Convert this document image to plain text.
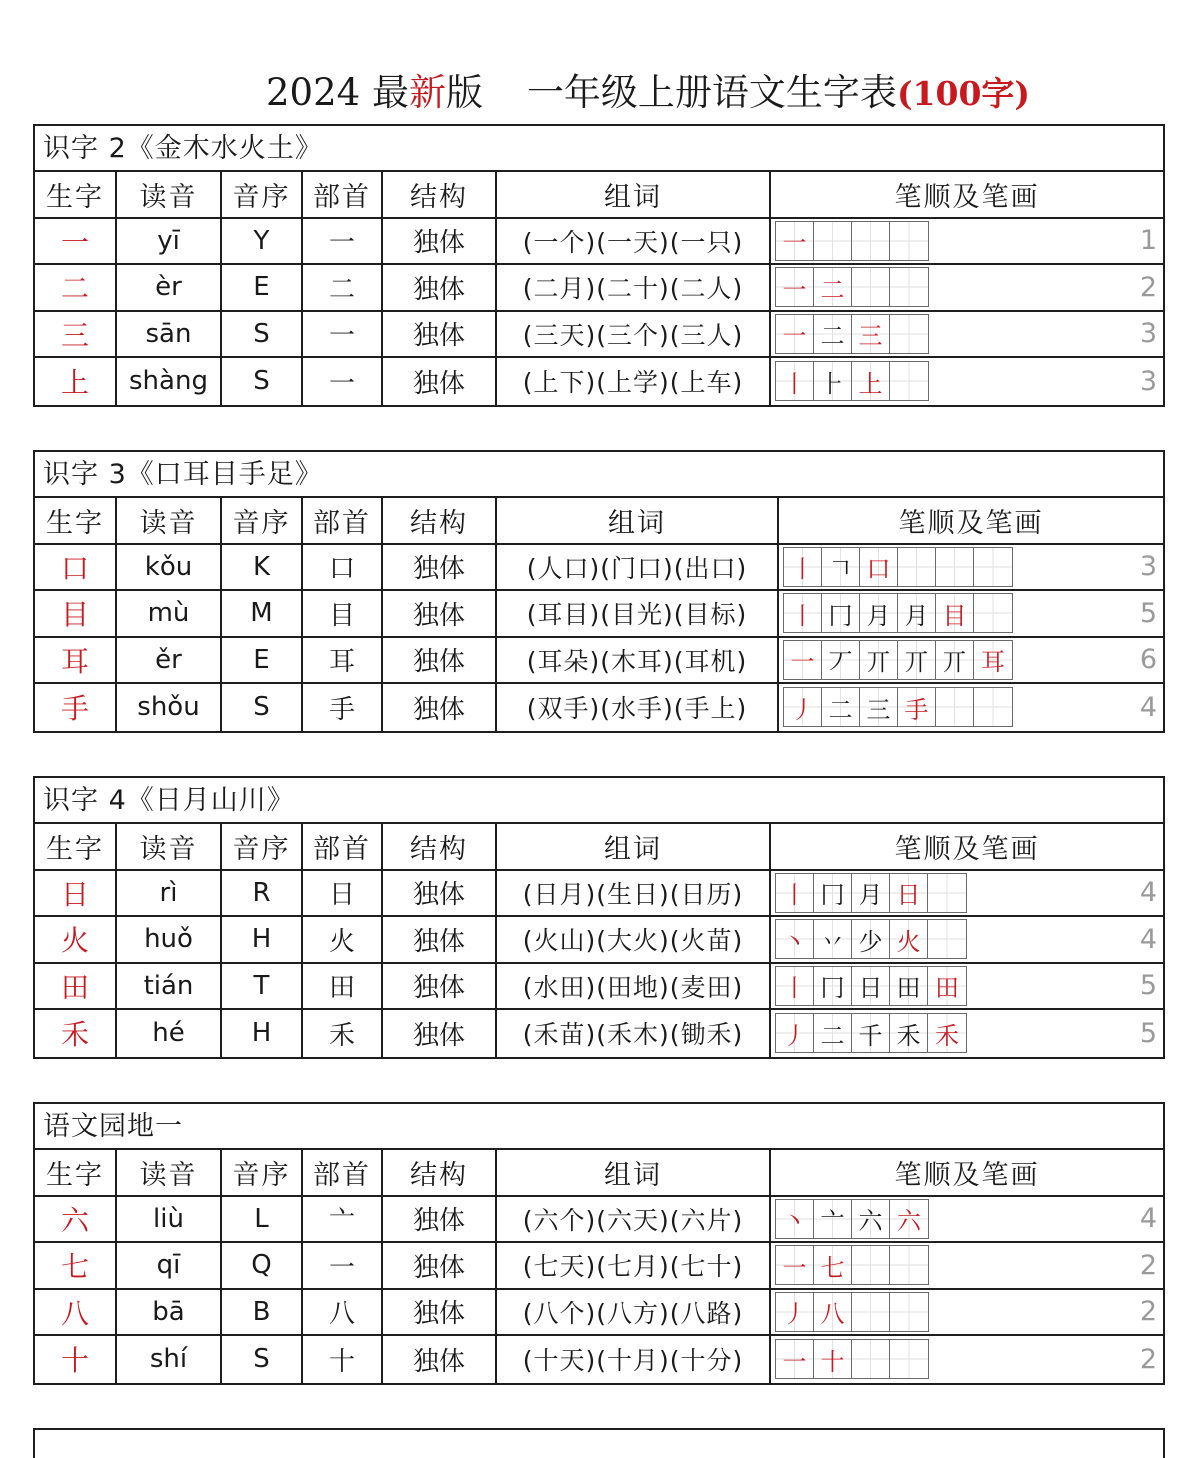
2024 最新版 一年级上册语文生字表(100字)
识字 2《金木水火土》
生字	读音	音序 部首	结构	组词	笔顺及笔画
一	yī	Y	一	独体	(一个)(一天)(一只)	一	1
二	èr	E	二	独体	(二月)(二十)(二人)	一 二	2
三	sān	S	一	独体	(三天)(三个)(三人)	一 二 三	3
上	shàng	S	一	独体	(上下)(上学)(上车)	丨 ⺊ 上	3
识字 3《口耳目手足》
生字	读音	音序 部首	结构	组词	笔顺及笔画
口	kǒu	K	口	独体	(人口)(门口)(出口)	丨 𠃍 口	3
目	mù	M	目	独体	(耳目)(目光)(目标)	丨 冂 月 月 目	5
耳	ěr	E	耳	独体	(耳朵)(木耳)(耳机)	一 丆 丌 丌 丌 耳	6
手	shǒu	S	手	独体	(双手)(水手)(手上)	丿 二 三 手	4
识字 4《日月山川》
生字	读音	音序 部首	结构	组词	笔顺及笔画
日	rì	R	日	独体	(日月)(生日)(日历)	丨 冂 月 日	4
火	huǒ	H	火	独体	(火山)(大火)(火苗)	丶 丷 少 火	4
田	tián	T	田	独体	(水田)(田地)(麦田)	丨 冂 日 田 田	5
禾	hé	H	禾	独体	(禾苗)(禾木)(锄禾)	丿 二 千 禾 禾	5
语文园地一
生字	读音	音序 部首	结构	组词	笔顺及笔画
六	liù	L	亠	独体	(六个)(六天)(六片)	丶 亠 六 六	4
七	qī	Q	一	独体	(七天)(七月)(七十)	一 七	2
八	bā	B	八	独体	(八个)(八方)(八路)	丿 八	2
十	shí	S	十	独体	(十天)(十月)(十分)	一 十	2
